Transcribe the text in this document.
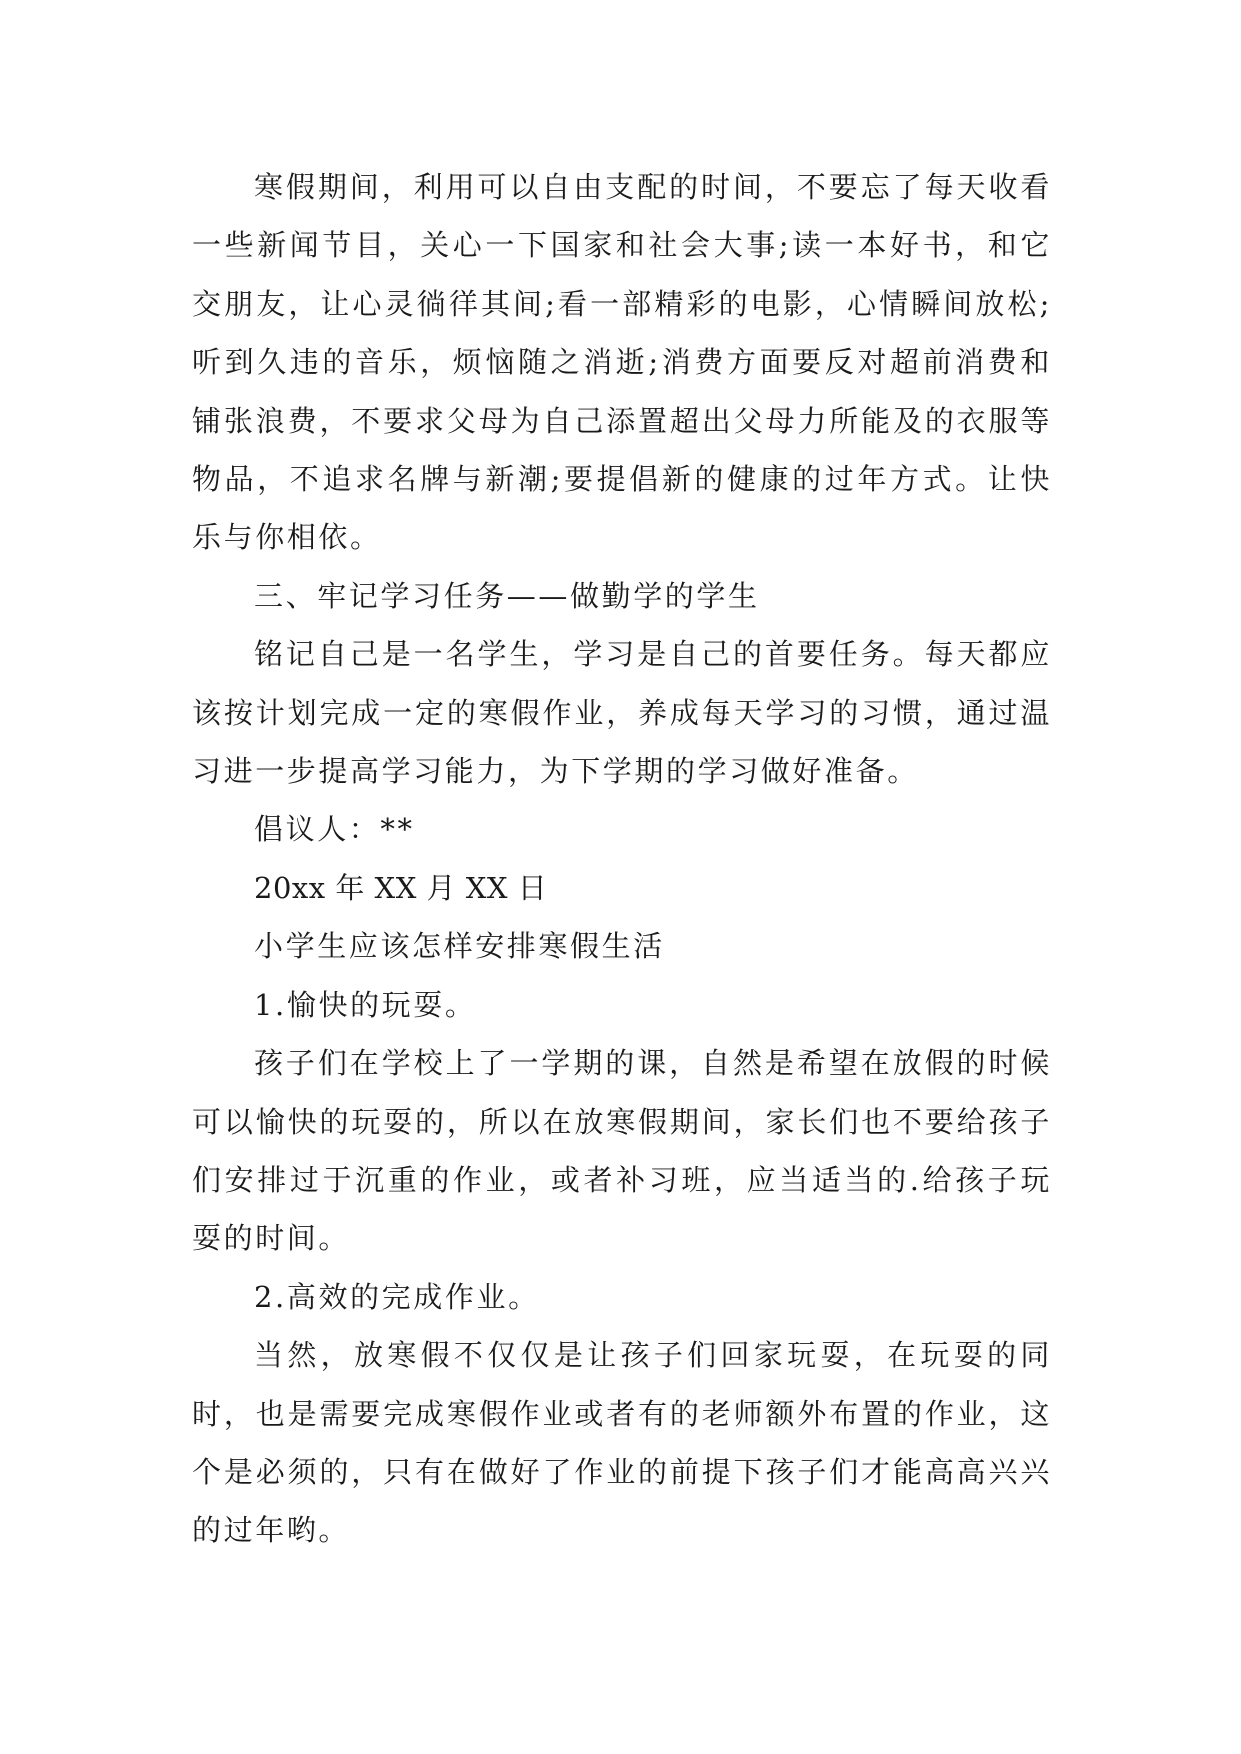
寒假期间，利用可以自由支配的时间，不要忘了每天收看一些新闻节目，关心一下国家和社会大事;读一本好书，和它交朋友，让心灵徜徉其间;看一部精彩的电影，心情瞬间放松;听到久违的音乐，烦恼随之消逝;消费方面要反对超前消费和铺张浪费，不要求父母为自己添置超出父母力所能及的衣服等物品，不追求名牌与新潮;要提倡新的健康的过年方式。让快乐与你相依。

三、牢记学习任务——做勤学的学生

铭记自己是一名学生，学习是自己的首要任务。每天都应该按计划完成一定的寒假作业，养成每天学习的习惯，通过温习进一步提高学习能力，为下学期的学习做好准备。

倡议人：**

20xx 年 XX 月 XX 日

小学生应该怎样安排寒假生活

1.愉快的玩耍。

孩子们在学校上了一学期的课，自然是希望在放假的时候可以愉快的玩耍的，所以在放寒假期间，家长们也不要给孩子们安排过于沉重的作业，或者补习班，应当适当的.给孩子玩耍的时间。

2.高效的完成作业。

当然，放寒假不仅仅是让孩子们回家玩耍，在玩耍的同时，也是需要完成寒假作业或者有的老师额外布置的作业，这个是必须的，只有在做好了作业的前提下孩子们才能高高兴兴的过年哟。
